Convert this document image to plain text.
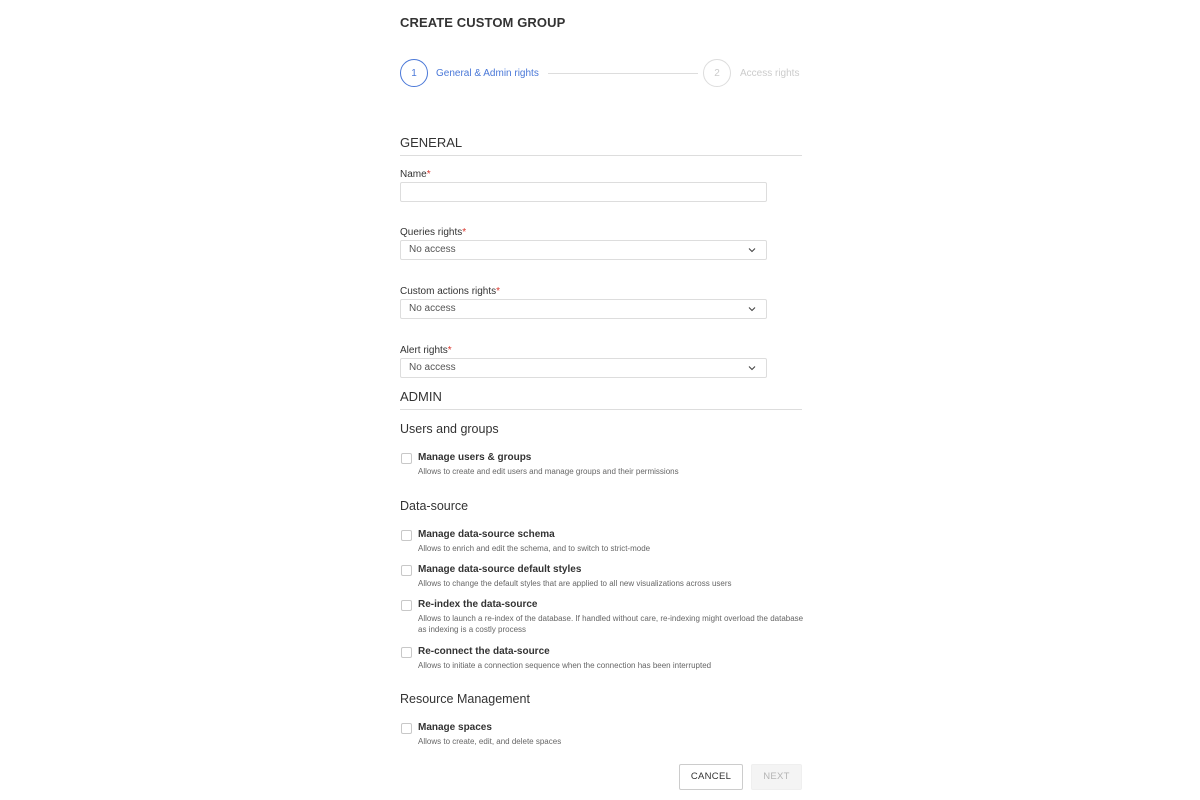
CREATE CUSTOM GROUP
1	General & Admin rights	2	Access rights
GENERAL
Name*
Queries rights*
No access
Custom actions rights*
No access
Alert rights*
No access
ADMIN
Users and groups
Manage users & groups
Allows to create and edit users and manage groups and their permissions
Data-source
Manage data-source schema
Allows to enrich and edit the schema, and to switch to strict-mode
Manage data-source default styles
Allows to change the default styles that are applied to all new visualizations across users
Re-index the data-source
Allows to launch a re-index of the database. If handled without care, re-indexing might overload the database as indexing is a costly process
Re-connect the data-source
Allows to initiate a connection sequence when the connection has been interrupted
Resource Management
Manage spaces
Allows to create, edit, and delete spaces
CANCEL	NEXT
